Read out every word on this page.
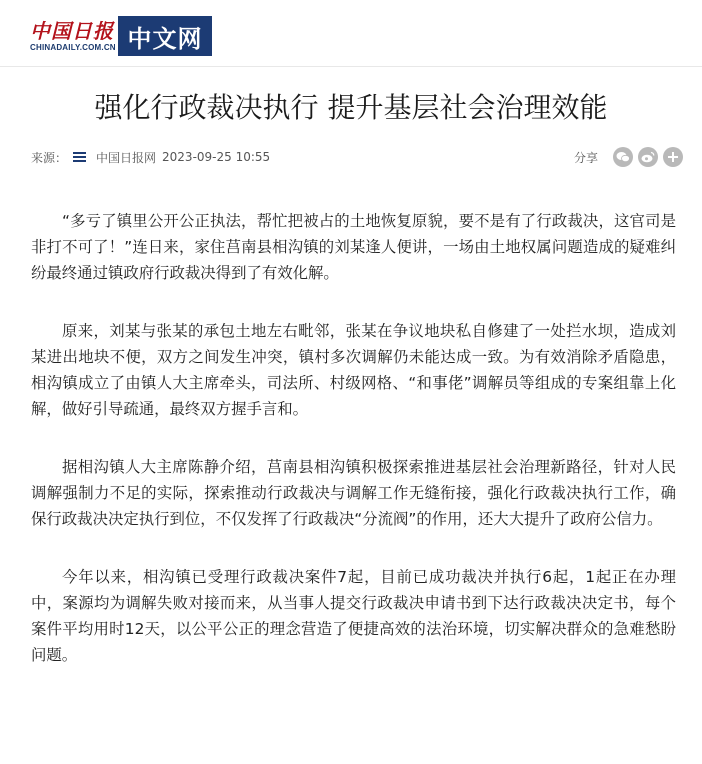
中国日报
CHINADAILY.COM.CN 中文网
强化行政裁决执行 提升基层社会治理效能
来源： 中国日报网 2023-09-25 10:55	分享

“多亏了镇里公开公正执法，帮忙把被占的土地恢复原貌，要不是有了行政裁决，这官司是非打不可了！”连日来，家住莒南县相沟镇的刘某逢人便讲，一场由土地权属问题造成的疑难纠纷最终通过镇政府行政裁决得到了有效化解。

原来，刘某与张某的承包土地左右毗邻，张某在争议地块私自修建了一处拦水坝，造成刘某进出地块不便，双方之间发生冲突，镇村多次调解仍未能达成一致。为有效消除矛盾隐患，相沟镇成立了由镇人大主席牵头，司法所、村级网格、“和事佬”调解员等组成的专案组靠上化解，做好引导疏通，最终双方握手言和。

据相沟镇人大主席陈静介绍，莒南县相沟镇积极探索推进基层社会治理新路径，针对人民调解强制力不足的实际，探索推动行政裁决与调解工作无缝衔接，强化行政裁决执行工作，确保行政裁决决定执行到位，不仅发挥了行政裁决“分流阀”的作用，还大大提升了政府公信力。

今年以来，相沟镇已受理行政裁决案件7起，目前已成功裁决并执行6起，1起正在办理中，案源均为调解失败对接而来，从当事人提交行政裁决申请书到下达行政裁决决定书，每个案件平均用时12天，以公平公正的理念营造了便捷高效的法治环境，切实解决群众的急难愁盼问题。
